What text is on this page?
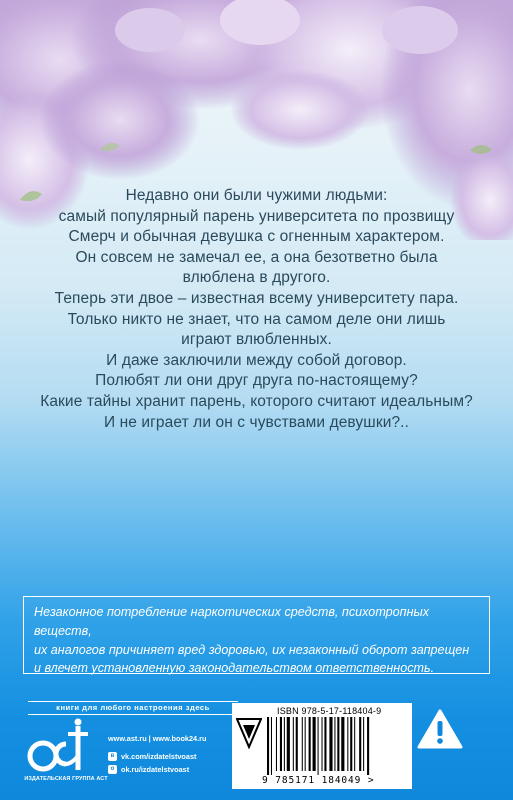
Недавно они были чужими людьми:

самый популярный парень университета по прозвищу

Смерч и обычная девушка с огненным характером.

Он совсем не замечал ее, а она безответно была

влюблена в другого.

Теперь эти двое – известная всему университету пара.

Только никто не знает, что на самом деле они лишь

играют влюбленных.

И даже заключили между собой договор.

Полюбят ли они друг друга по-настоящему?

Какие тайны хранит парень, которого считают идеальным?

И не играет ли он с чувствами девушки?..

Незаконное потребление наркотических средств, психотропных веществ,

их аналогов причиняет вред здоровью, их незаконный оборот запрещен

и влечет установленную законодательством ответственность.

книги для любого настроения здесь
ИЗДАТЕЛЬСКАЯ ГРУППА АСТ
www.ast.ru | www.book24.ru
в vk.com/izdatelstvoast
о ok.ru/izdatelstvoast
ISBN 978-5-17-118404-9
9 785171 184049 >
